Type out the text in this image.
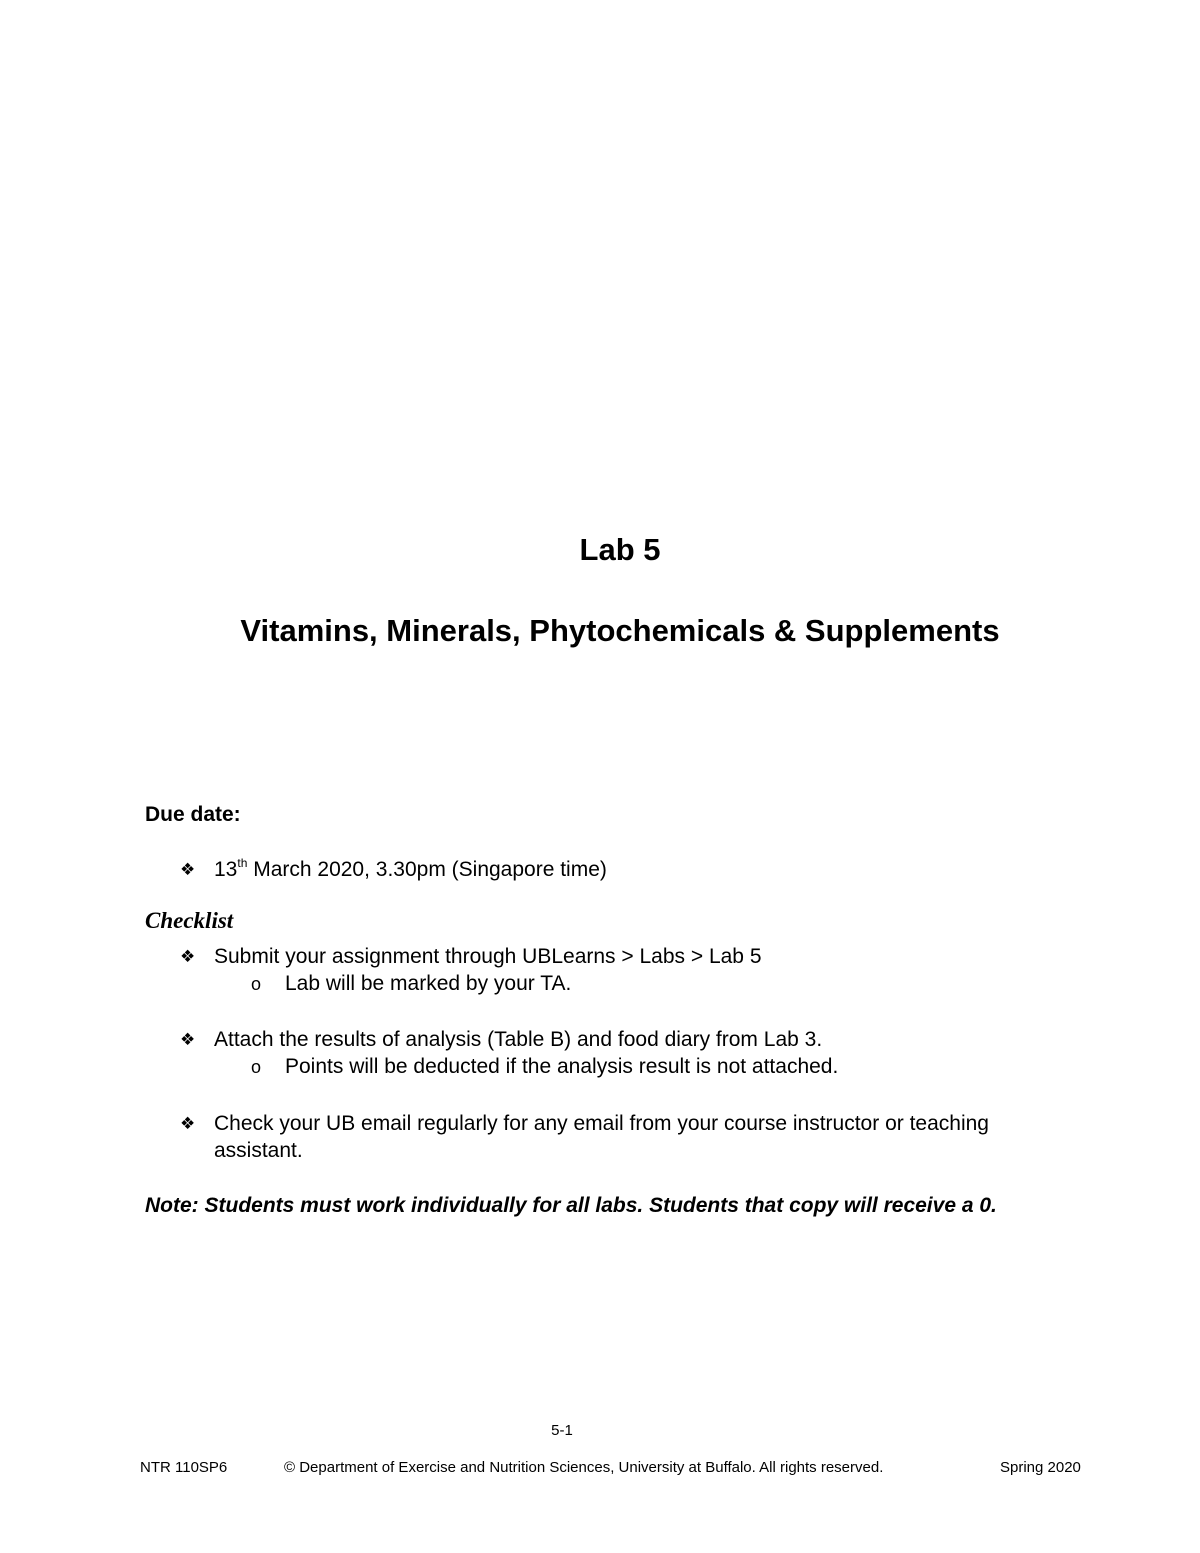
Lab 5
Vitamins, Minerals, Phytochemicals & Supplements
Due date:
❖ 13th March 2020, 3.30pm (Singapore time)
Checklist
❖ Submit your assignment through UBLearns > Labs > Lab 5
o Lab will be marked by your TA.
❖ Attach the results of analysis (Table B) and food diary from Lab 3.
o Points will be deducted if the analysis result is not attached.
❖ Check your UB email regularly for any email from your course instructor or teaching
assistant.
Note: Students must work individually for all labs. Students that copy will receive a 0.
5-1
NTR 110SP6	© Department of Exercise and Nutrition Sciences, University at Buffalo. All rights reserved.	Spring 2020
